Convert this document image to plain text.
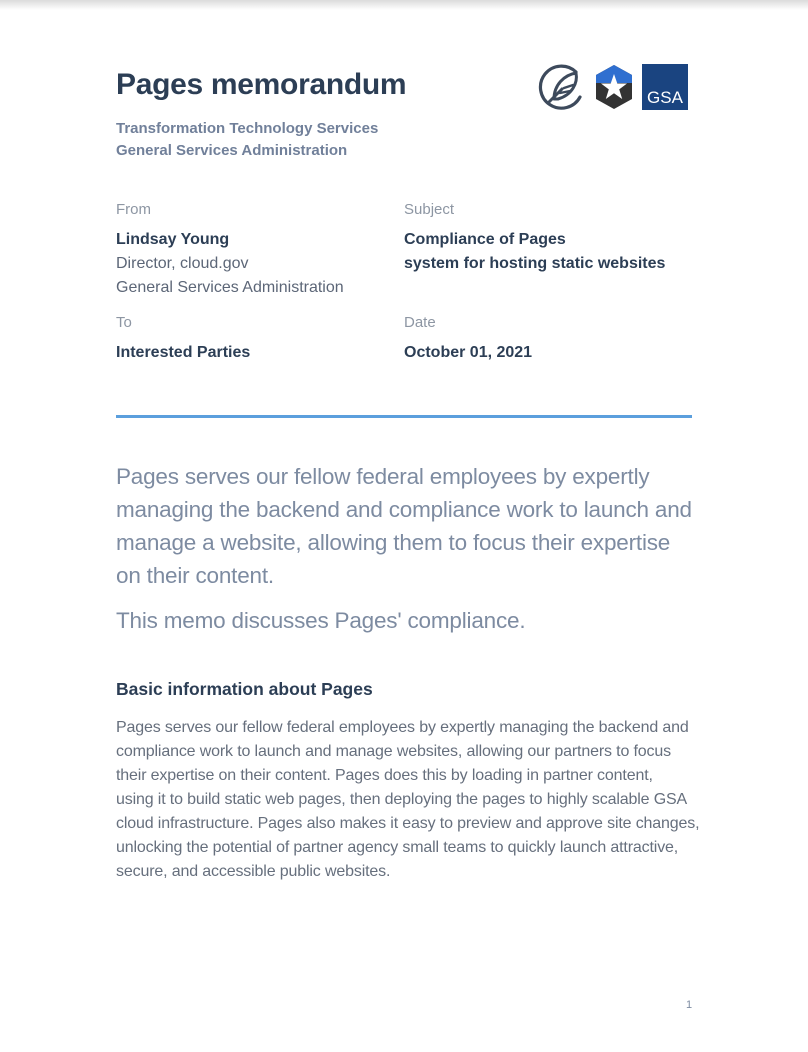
Pages memorandum	GSA
Transformation Technology Services
General Services Administration
From
Lindsay Young
Director, cloud.gov
General Services Administration
Subject
Compliance of Pages
system for hosting static websites
To
Interested Parties
Date
October 01, 2021

Pages serves our fellow federal employees by expertly
managing the backend and compliance work to launch and
manage a website, allowing them to focus their expertise
on their content.

This memo discusses Pages' compliance.

Basic information about Pages

Pages serves our fellow federal employees by expertly managing the backend and
compliance work to launch and manage websites, allowing our partners to focus
their expertise on their content. Pages does this by loading in partner content,
using it to build static web pages, then deploying the pages to highly scalable GSA
cloud infrastructure. Pages also makes it easy to preview and approve site changes,
unlocking the potential of partner agency small teams to quickly launch attractive,
secure, and accessible public websites.

1
